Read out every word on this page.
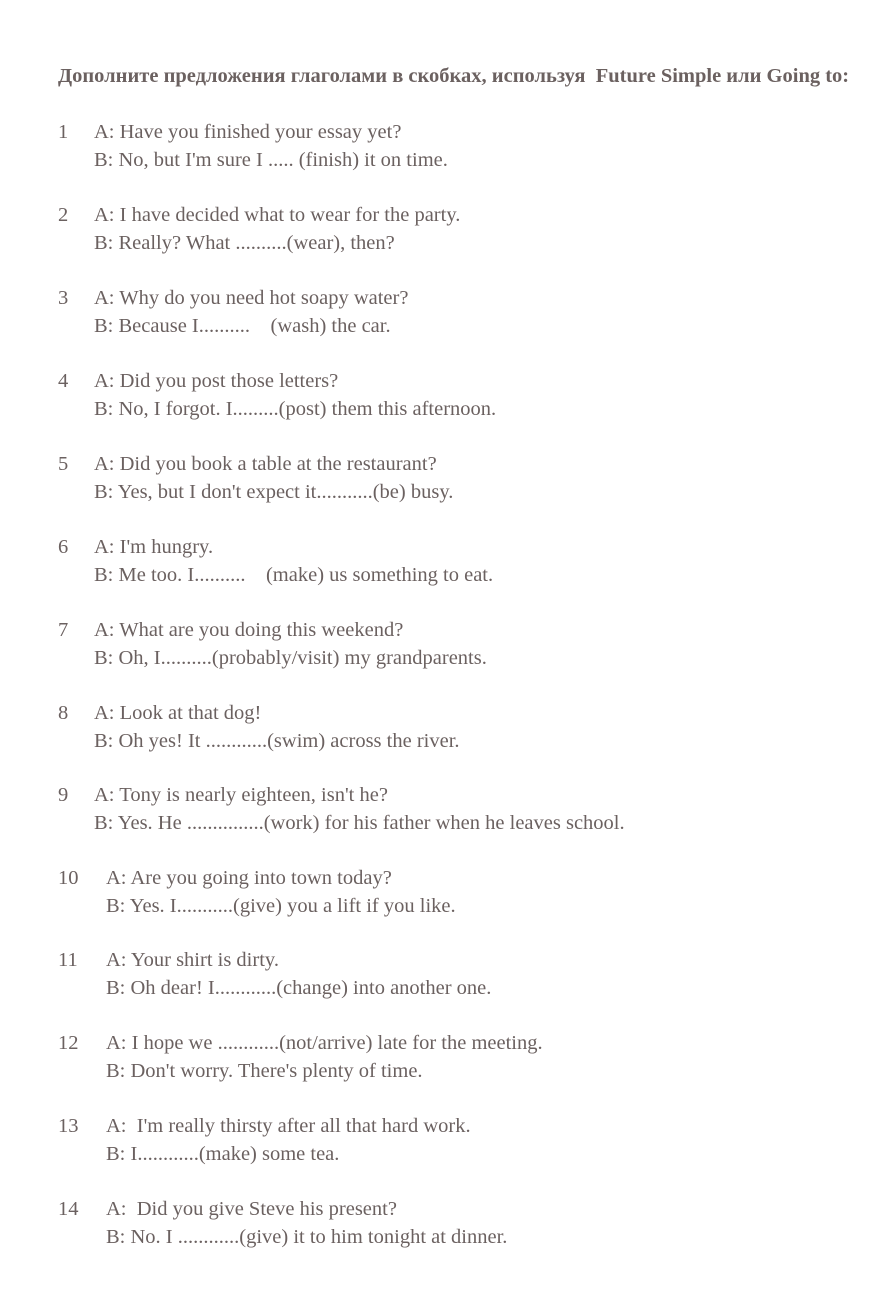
Дополните предложения глаголами в скобках, используя  Future Simple или Going to:
1 A: Have you finished your essay yet?
B: No, but I'm sure I ..... (finish) it on time.
2 A: I have decided what to wear for the party.
B: Really? What ..........(wear), then?
3 A: Why do you need hot soapy water?
B: Because I..........    (wash) the car.
4 A: Did you post those letters?
B: No, I forgot. I.........(post) them this afternoon.
5 A: Did you book a table at the restaurant?
B: Yes, but I don't expect it...........(be) busy.
6 A: I'm hungry.
B: Me too. I..........    (make) us something to eat.
7 A: What are you doing this weekend?
B: Oh, I..........(probably/visit) my grandparents.
8 A: Look at that dog!
B: Oh yes! It ............(swim) across the river.
9 A: Tony is nearly eighteen, isn't he?
B: Yes. He ...............(work) for his father when he leaves school.
10 A: Are you going into town today?
B: Yes. I...........(give) you a lift if you like.
11 A: Your shirt is dirty.
B: Oh dear! I............(change) into another one.
12 A: I hope we ............(not/arrive) late for the meeting.
B: Don't worry. There's plenty of time.
13 A:  I'm really thirsty after all that hard work.
B: I............(make) some tea.
14 A:  Did you give Steve his present?
B: No. I ............(give) it to him tonight at dinner.
